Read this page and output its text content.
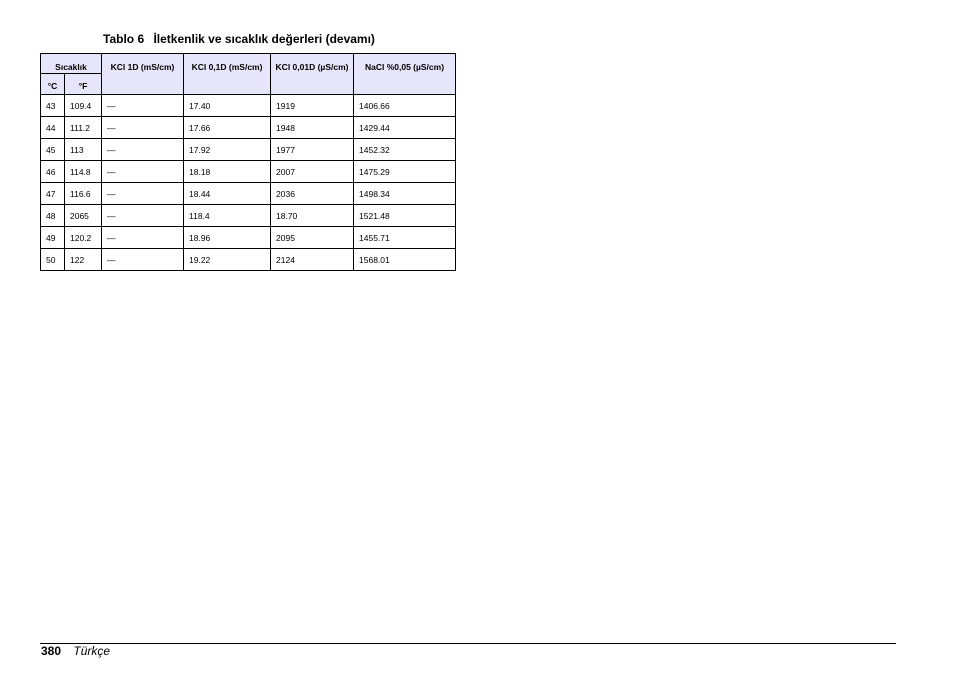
Tablo 6 İletkenlik ve sıcaklık değerleri (devamı)
Sıcaklık		KCl 1D (mS/cm)	KCl 0,1D (mS/cm)	KCl 0,01D (µS/cm)	NaCl %0,05 (µS/cm)
°C	°F				
43	109.4	—	17.40	1919	1406.66
44	111.2	—	17.66	1948	1429.44
45	113	—	17.92	1977	1452.32
46	114.8	—	18.18	2007	1475.29
47	116.6	—	18.44	2036	1498.34
48	2065	—	118.4	18.70	1521.48
49	120.2	—	18.96	2095	1455.71
50	122	—	19.22	2124	1568.01
380 Türkçe
